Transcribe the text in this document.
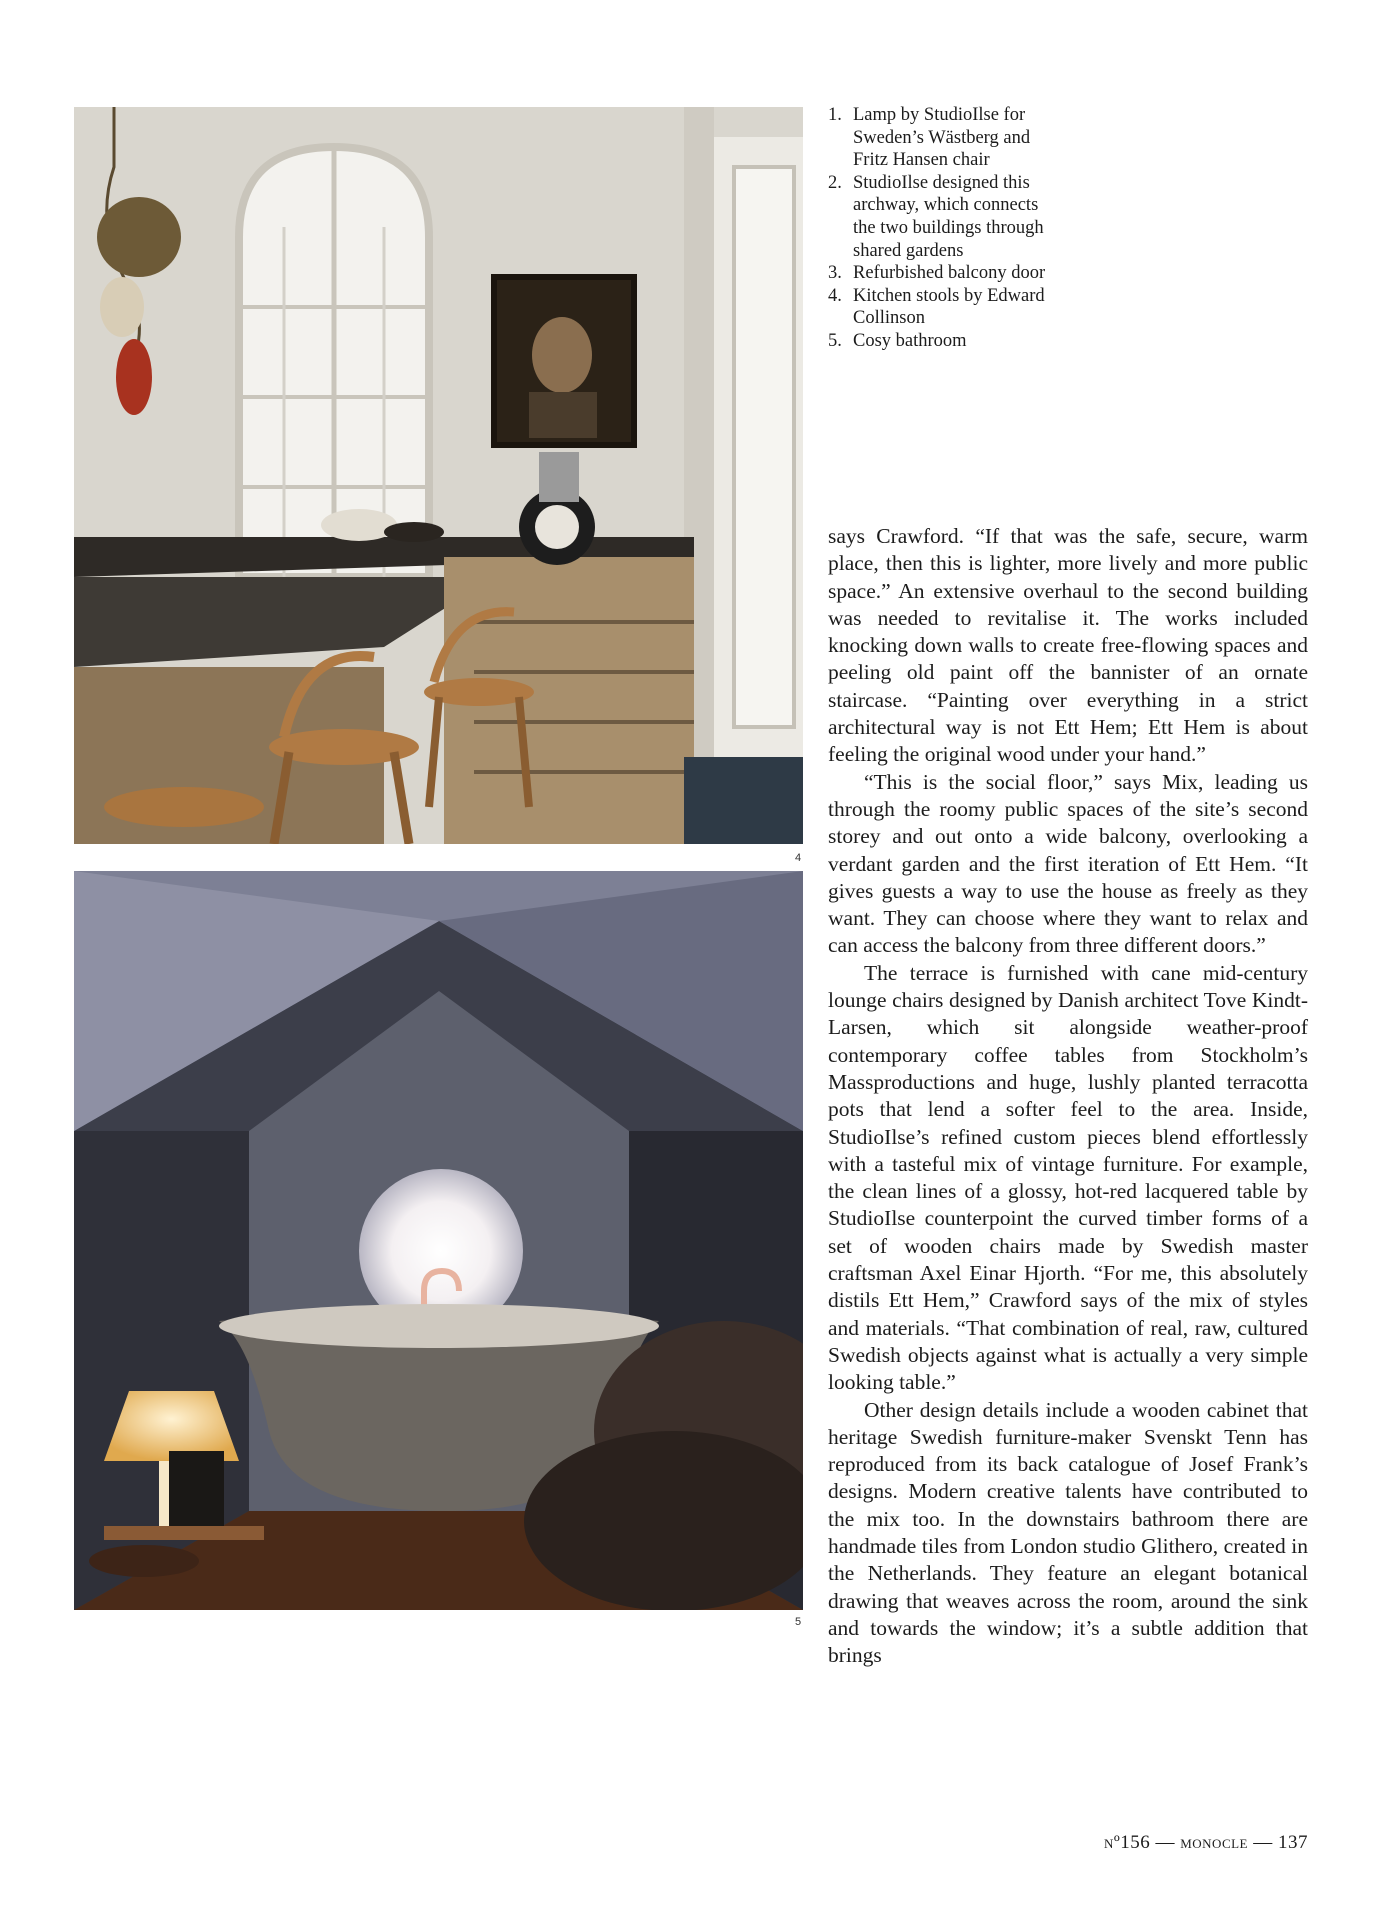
4
5
1. Lamp by StudioIlse for Sweden’s Wästberg and Fritz Hansen chair
2. StudioIlse designed this archway, which connects the two buildings through shared gardens
3. Refurbished balcony door
4. Kitchen stools by Edward Collinson
5. Cosy bathroom

says Crawford. “If that was the safe, secure, warm place, then this is lighter, more lively and more public space.” An extensive overhaul to the second building was needed to revitalise it. The works included knocking down walls to create free-flowing spaces and peeling old paint off the bannister of an ornate staircase. “Painting over everything in a strict architectural way is not Ett Hem; Ett Hem is about feeling the original wood under your hand.”

“This is the social floor,” says Mix, leading us through the roomy public spaces of the site’s second storey and out onto a wide balcony, overlooking a verdant garden and the first iteration of Ett Hem. “It gives guests a way to use the house as freely as they want. They can choose where they want to relax and can access the balcony from three different doors.”

The terrace is furnished with cane mid-century lounge chairs designed by Danish architect Tove Kindt-Larsen, which sit alongside weather-proof contemporary coffee tables from Stockholm’s Massproductions and huge, lushly planted terracotta pots that lend a softer feel to the area. Inside, StudioIlse’s refined custom pieces blend effortlessly with a tasteful mix of vintage furniture. For example, the clean lines of a glossy, hot-red lacquered table by StudioIlse counterpoint the curved timber forms of a set of wooden chairs made by Swedish master craftsman Axel Einar Hjorth. “For me, this absolutely distils Ett Hem,” Crawford says of the mix of styles and materials. “That combination of real, raw, cultured Swedish objects against what is actually a very simple looking table.”

Other design details include a wooden cabinet that heritage Swedish furniture-maker Svenskt Tenn has reproduced from its back catalogue of Josef Frank’s designs. Modern creative talents have contributed to the mix too. In the downstairs bathroom there are handmade tiles from London studio Glithero, created in the Netherlands. They feature an elegant botanical drawing that weaves across the room, around the sink and towards the window; it’s a subtle addition that brings

nº156 — monocle — 137
